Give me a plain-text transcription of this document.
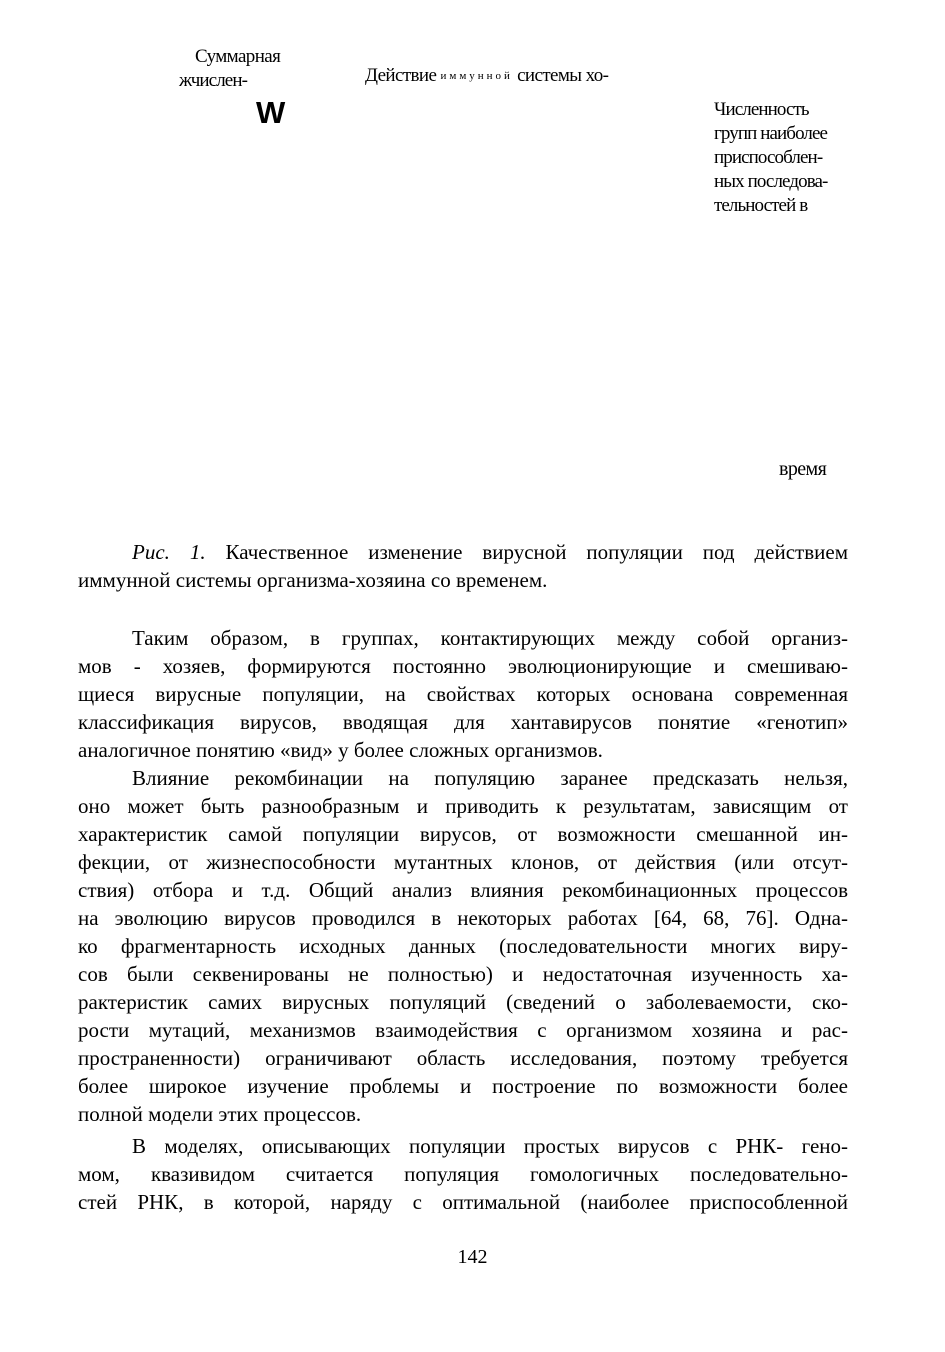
Суммарная
жчислен-
W
Действие иммунной системы хо-
Численность
групп наиболее
приспособлен-
ных последова-
тельностей в
время
Рис. 1. Качественное изменение вирусной популяции под действием
иммунной системы организма-хозяина со временем.
Таким образом, в группах, контактирующих между собой организ-
мов - хозяев, формируются постоянно эволюционирующие и смешиваю-
щиеся вирусные популяции, на свойствах которых основана современная
классификация вирусов, вводящая для хантавирусов понятие «генотип»
аналогичное понятию «вид» у более сложных организмов.
Влияние рекомбинации на популяцию заранее предсказать нельзя,
оно может быть разнообразным и приводить к результатам, зависящим от
характеристик самой популяции вирусов, от возможности смешанной ин-
фекции, от жизнеспособности мутантных клонов, от действия (или отсут-
ствия) отбора и т.д. Общий анализ влияния рекомбинационных процессов
на эволюцию вирусов проводился в некоторых работах [64, 68, 76]. Одна-
ко фрагментарность исходных данных (последовательности многих виру-
сов были секвенированы не полностью) и недостаточная изученность ха-
рактеристик самих вирусных популяций (сведений о заболеваемости, ско-
рости мутаций, механизмов взаимодействия с организмом хозяина и рас-
пространенности) ограничивают область исследования, поэтому требуется
более широкое изучение проблемы и построение по возможности более
полной модели этих процессов.
В моделях, описывающих популяции простых вирусов с РНК- гено-
мом, квазивидом считается популяция гомологичных последовательно-
стей РНК, в которой, наряду с оптимальной (наиболее приспособленной
142
